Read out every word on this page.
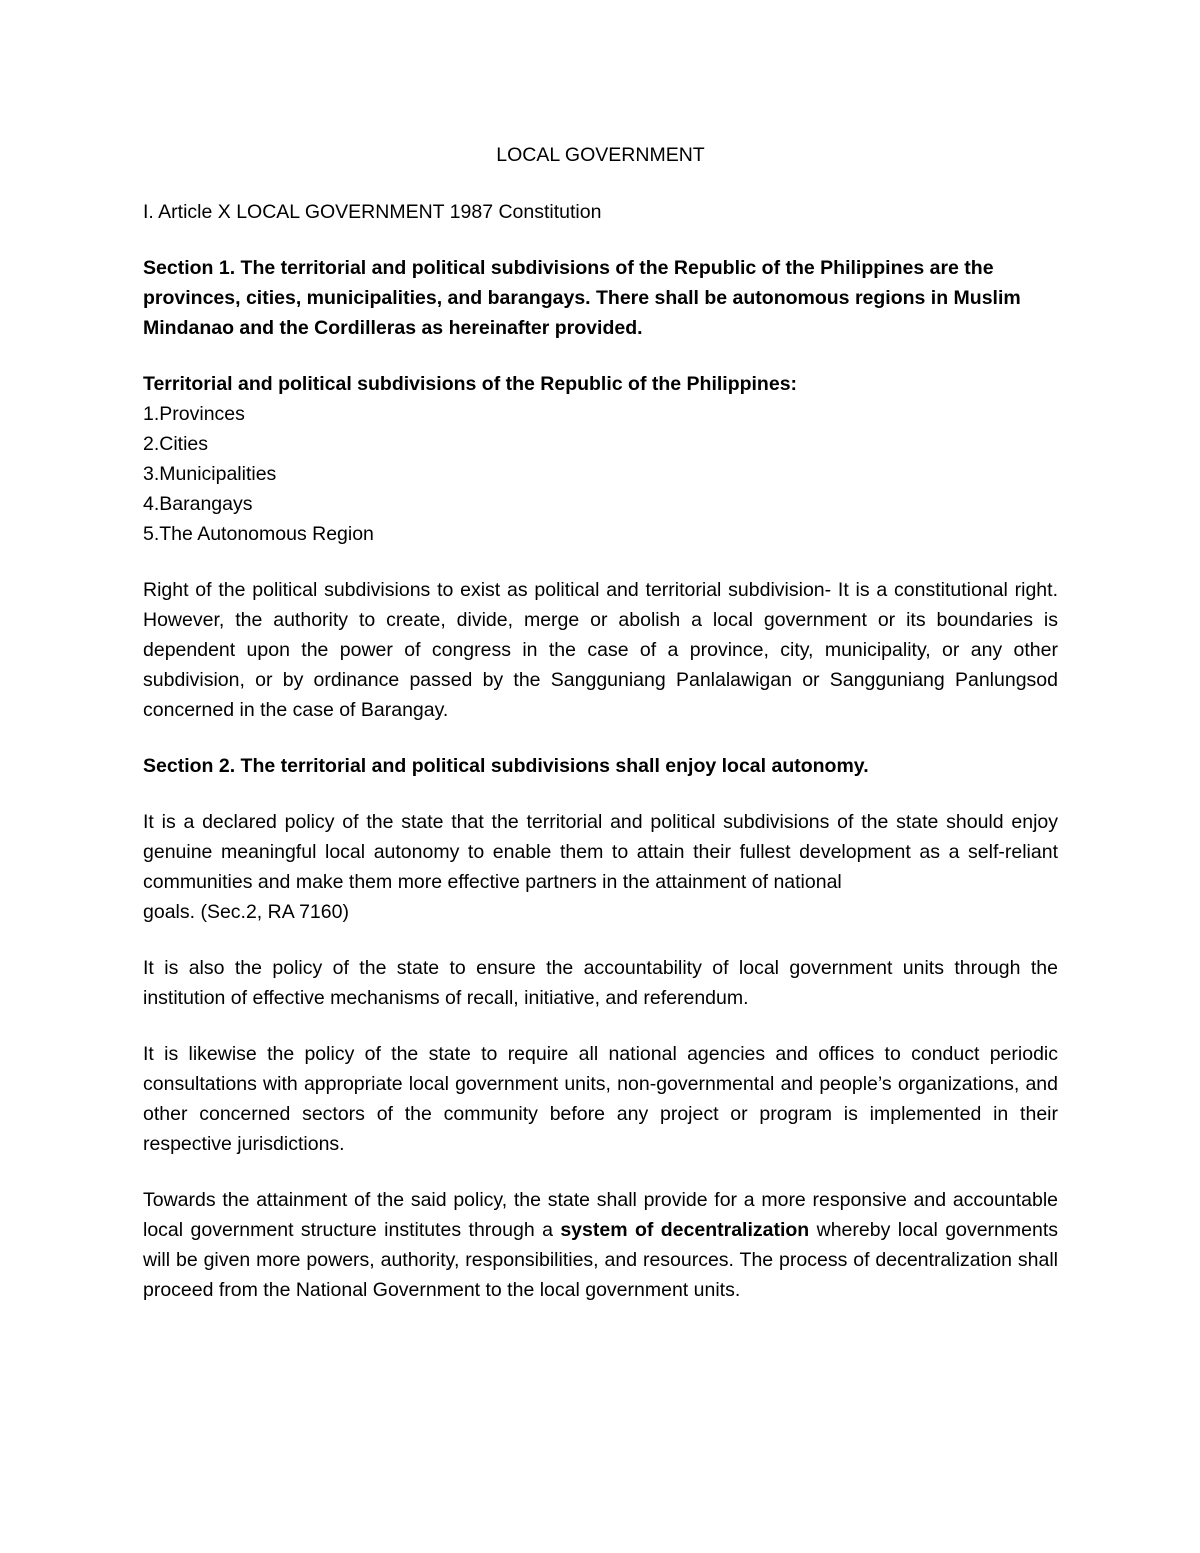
LOCAL GOVERNMENT
I. Article X LOCAL GOVERNMENT 1987 Constitution
Section 1. The territorial and political subdivisions of the Republic of the Philippines are the provinces, cities, municipalities, and barangays. There shall be autonomous regions in Muslim Mindanao and the Cordilleras as hereinafter provided.
Territorial and political subdivisions of the Republic of the Philippines:
1.Provinces
2.Cities
3.Municipalities
4.Barangays
5.The Autonomous Region
Right of the political subdivisions to exist as political and territorial subdivision- It is a constitutional right. However, the authority to create, divide, merge or abolish a local government or its boundaries is dependent upon the power of congress in the case of a province, city, municipality, or any other subdivision, or by ordinance passed by the Sangguniang Panlalawigan or Sangguniang Panlungsod concerned in the case of Barangay.
Section 2. The territorial and political subdivisions shall enjoy local autonomy.
It is a declared policy of the state that the territorial and political subdivisions of the state should enjoy genuine meaningful local autonomy to enable them to attain their fullest development as a self-reliant communities and make them more effective partners in the attainment of national
goals. (Sec.2, RA 7160)
It is also the policy of the state to ensure the accountability of local government units through the institution of effective mechanisms of recall, initiative, and referendum.
It is likewise the policy of the state to require all national agencies and offices to conduct periodic consultations with appropriate local government units, non-governmental and people’s organizations, and other concerned sectors of the community before any project or program is implemented in their respective jurisdictions.
Towards the attainment of the said policy, the state shall provide for a more responsive and accountable local government structure institutes through a system of decentralization whereby local governments will be given more powers, authority, responsibilities, and resources. The process of decentralization shall proceed from the National Government to the local government units.
